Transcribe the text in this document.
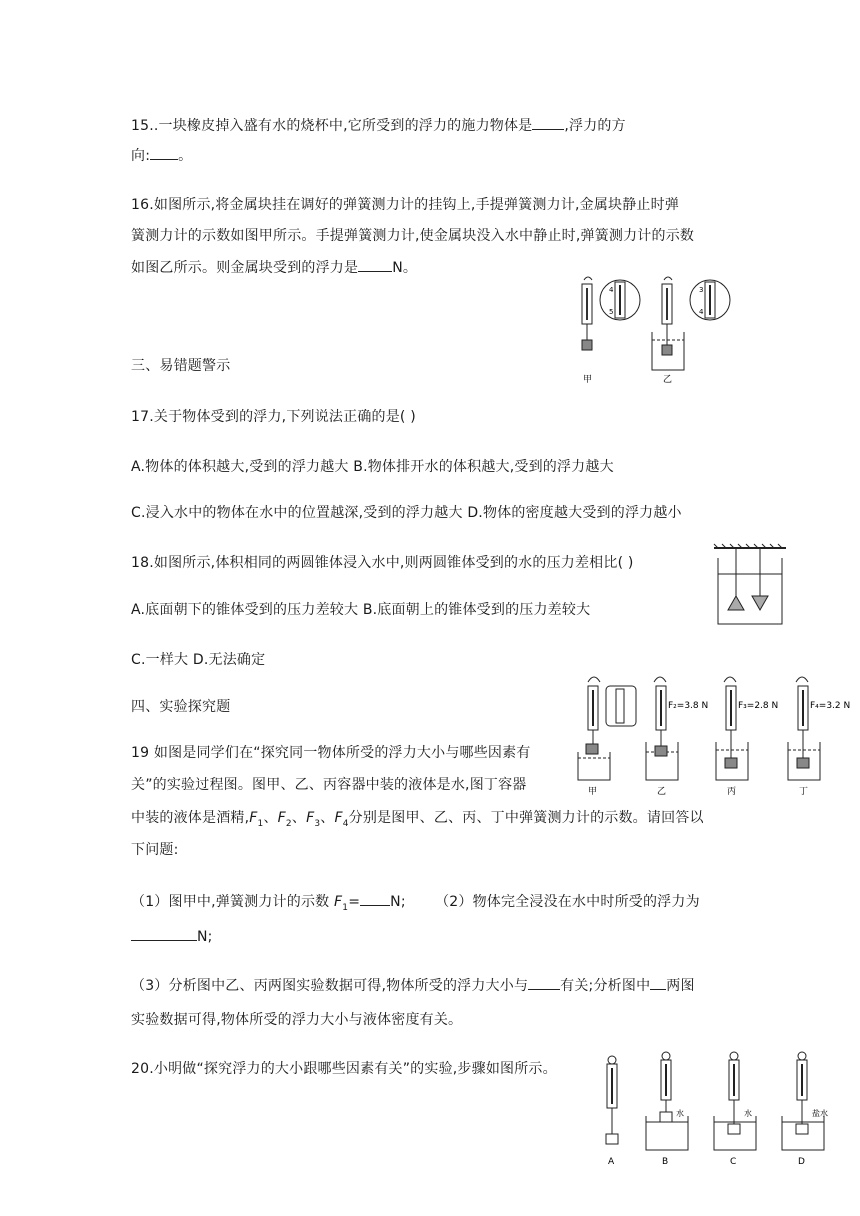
15..一块橡皮掉入盛有水的烧杯中,它所受到的浮力的施力物体是 ,浮力的方
向: 。
16.如图所示,将金属块挂在调好的弹簧测力计的挂钩上,手提弹簧测力计,金属块静止时弹
簧测力计的示数如图甲所示。手提弹簧测力计,使金属块没入水中静止时,弹簧测力计的示数
如图乙所示。则金属块受到的浮力是 N。
4
5
3
4
甲	乙
三、易错题警示
17.关于物体受到的浮力,下列说法正确的是( )
A.物体的体积越大,受到的浮力越大 B.物体排开水的体积越大,受到的浮力越大
C.浸入水中的物体在水中的位置越深,受到的浮力越大 D.物体的密度越大受到的浮力越小
18.如图所示,体积相同的两圆锥体浸入水中,则两圆锥体受到的水的压力差相比( )
A.底面朝下的锥体受到的压力差较大 B.底面朝上的锥体受到的压力差较大
C.一样大 D.无法确定
四、实验探究题
19 如图是同学们在“探究同一物体所受的浮力大小与哪些因素有
关”的实验过程图。图甲、乙、丙容器中装的液体是水,图丁容器
中装的液体是酒精$,F_1$、$F_2$、$F_3$、$F_4$分别是图甲、乙、丙、丁中弹簧测力计的示数。请回答以
下问题:
（1）图甲中,弹簧测力计的示数 $F_1= N$; （2）物体完全浸没在水中时所受的浮力为
N;
（3）分析图中乙、丙两图实验数据可得,物体所受的浮力大小与 有关;分析图中 两图
实验数据可得,物体所受的浮力大小与液体密度有关。
F₂=3.8 N	F₃=2.8 N	F₄=3.2 N
甲	乙	丙	丁
20.小明做“探究浮力的大小跟哪些因素有关”的实验,步骤如图所示。
水	水	盐水
A	B	C	D
